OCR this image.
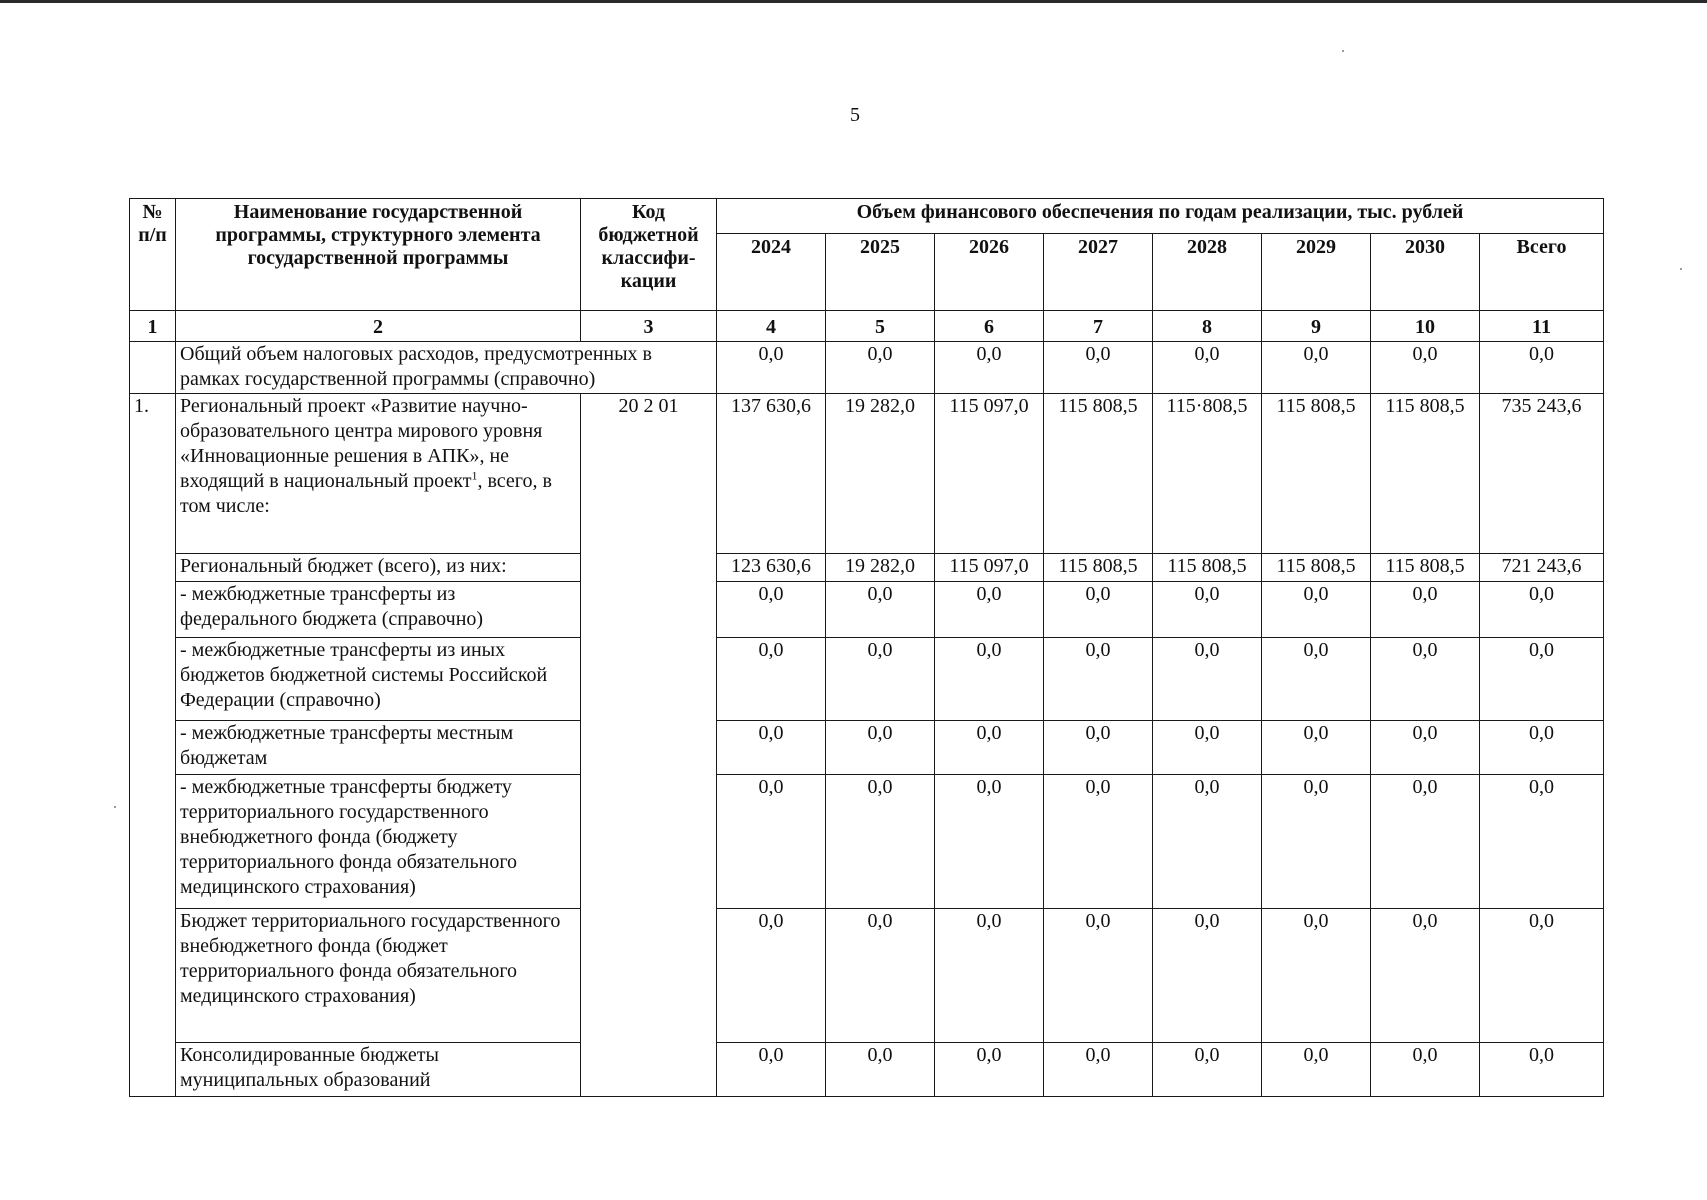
5
№ п/п	Наименование государственной программы, структурного элемента государственной программы	Код бюджетной классифи-кации	Объем финансового обеспечения по годам реализации, тыс. рублей							
			2024	2025	2026	2027	2028	2029	2030	Всего
1	2	3	4	5	6	7	8	9	10	11
	Общий объем налоговых расходов, предусмотренных в рамках государственной программы (справочно)		0,0	0,0	0,0	0,0	0,0	0,0	0,0	0,0
1.	Региональный проект «Развитие научно-образовательного центра мирового уровня «Инновационные решения в АПК», не входящий в национальный проект$^1$, всего, в том числе:	20 2 01	137 630,6	19 282,0	115 097,0	115 808,5	115·808,5	115 808,5	115 808,5	735 243,6
	Региональный бюджет (всего), из них:		123 630,6	19 282,0	115 097,0	115 808,5	115 808,5	115 808,5	115 808,5	721 243,6
	- межбюджетные трансферты из федерального бюджета (справочно)		0,0	0,0	0,0	0,0	0,0	0,0	0,0	0,0
	- межбюджетные трансферты из иных бюджетов бюджетной системы Российской Федерации (справочно)		0,0	0,0	0,0	0,0	0,0	0,0	0,0	0,0
	- межбюджетные трансферты местным бюджетам		0,0	0,0	0,0	0,0	0,0	0,0	0,0	0,0
	- межбюджетные трансферты бюджету территориального государственного внебюджетного фонда (бюджету территориального фонда обязательного медицинского страхования)		0,0	0,0	0,0	0,0	0,0	0,0	0,0	0,0
	Бюджет территориального государственного внебюджетного фонда (бюджет территориального фонда обязательного медицинского страхования)		0,0	0,0	0,0	0,0	0,0	0,0	0,0	0,0
	Консолидированные бюджеты муниципальных образований		0,0	0,0	0,0	0,0	0,0	0,0	0,0	0,0
